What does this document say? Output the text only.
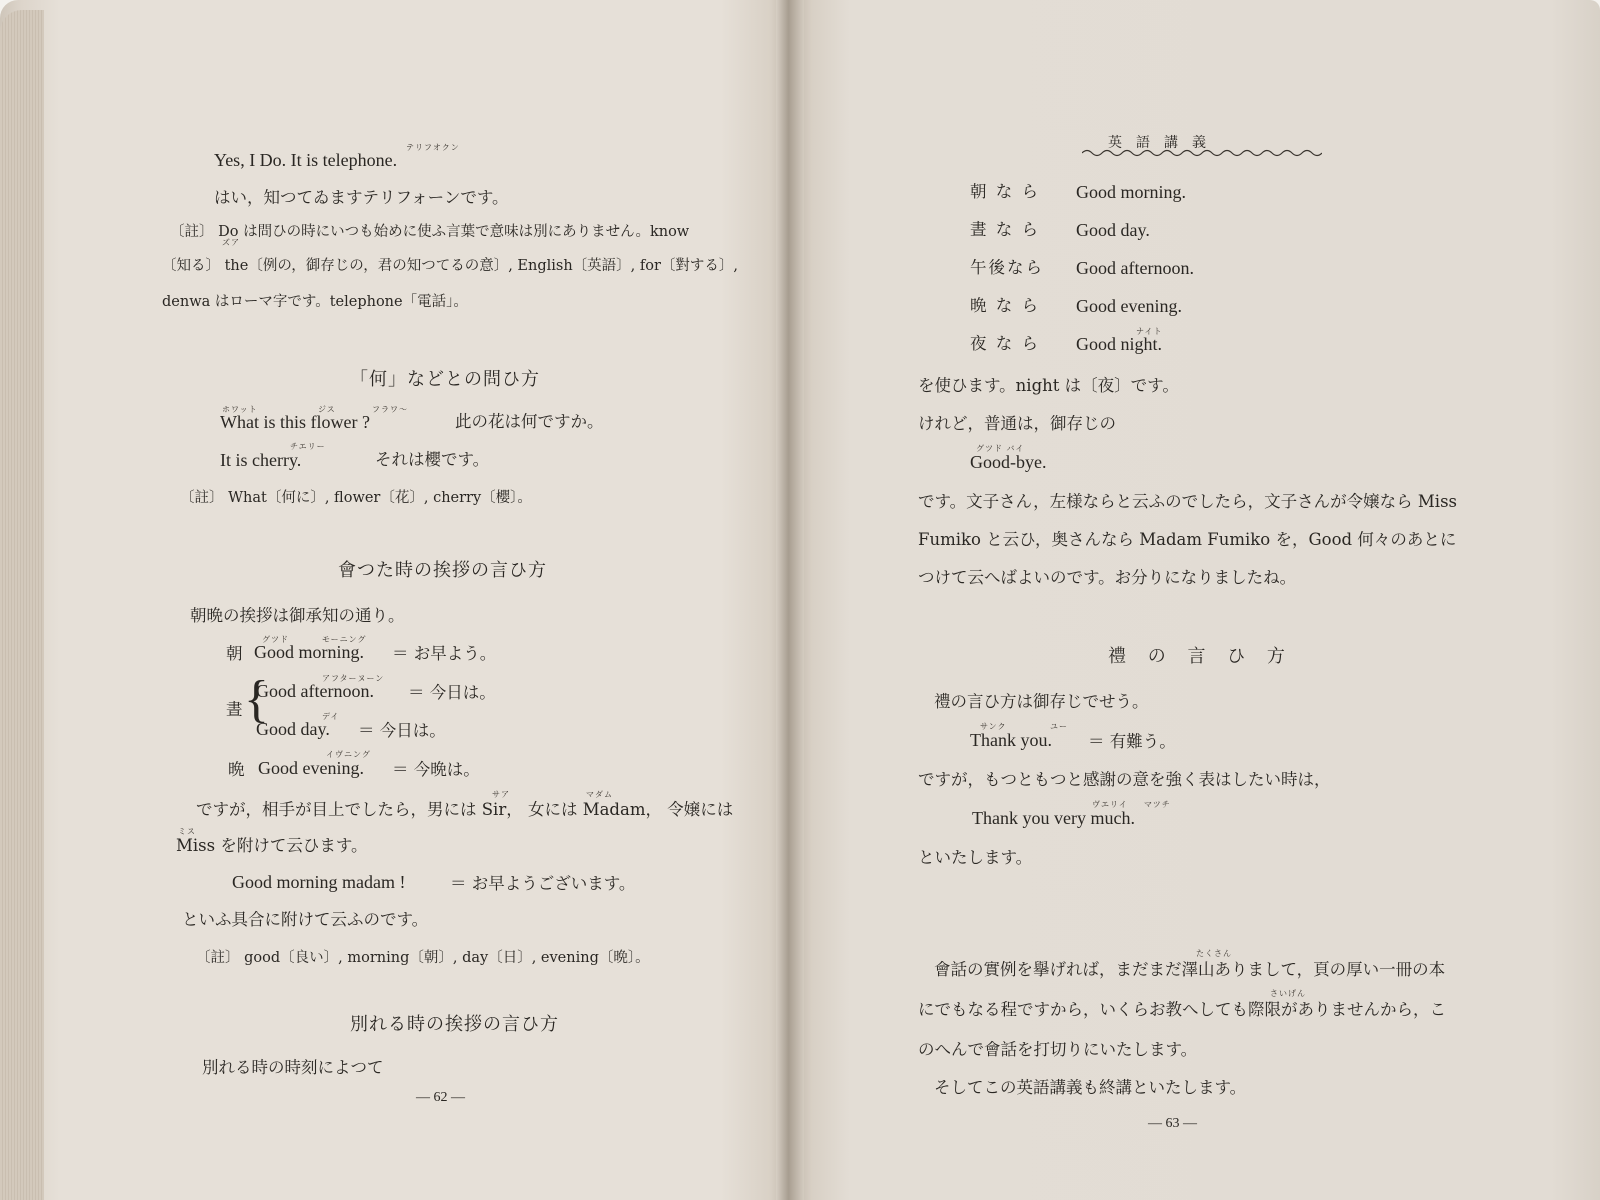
テリフオクン
Yes, I Do. It is telephone.
はい，知つてゐますテリフォーンです。
ズア
〔註〕 Do は問ひの時にいつも始めに使ふ言葉で意味は別にありません。know
〔知る〕 the〔例の，御存じの，君の知つてるの意〕, English〔英語〕, for〔對する〕,
denwa はローマ字です。telephone「電話」。
「何」などとの問ひ方
ホワット	ジス	フラワ～
What is this flower ?	此の花は何ですか。
チエリー
It is cherry.	それは櫻です。
〔註〕 What〔何に〕, flower〔花〕, cherry〔櫻〕。
會つた時の挨拶の言ひ方
朝晩の挨拶は御承知の通り。
グツド	モーニング
朝 Good morning. ＝ お早よう。
アフターヌーン
晝 {
Good afternoon. ＝ 今日は。
デイ
Good day. ＝ 今日は。
イヴニング
晩 Good evening. ＝ 今晩は。
サア	マダム
ですが，相手が目上でしたら，男には Sir， 女には Madam， 令嬢には
ミス
Miss を附けて云ひます。
Good morning madam !	＝ お早ようございます。
といふ具合に附けて云ふのです。
〔註〕 good〔良い〕, morning〔朝〕, day〔日〕, evening〔晩〕。
別れる時の挨拶の言ひ方
別れる時の時刻によつて
— 62 —
英語講義
朝 な ら Good morning.
晝 な ら Good day.
午後なら Good afternoon.
晩 な ら Good evening.
ナイト
夜 な ら Good night.
を使ひます。night は〔夜〕です。
けれど，普通は，御存じの
グツド バイ
Good-bye.
です。文子さん，左様ならと云ふのでしたら，文子さんが令嬢なら Miss
Fumiko と云ひ，奥さんなら Madam Fumiko を，Good 何々のあとに
つけて云へばよいのです。お分りになりましたね。
禮 の 言 ひ 方
禮の言ひ方は御存じでせう。
サンク	ユー
Thank you. ＝ 有難う。
ですが，もつともつと感謝の意を強く表はしたい時は，
ヴエリイ マツチ
Thank you very much.
といたします。
たくさん
會話の實例を擧げれば，まだまだ澤山ありまして，頁の厚い一冊の本
さいげん
にでもなる程ですから，いくらお教へしても際限がありませんから，こ
のへんで會話を打切りにいたします。
そしてこの英語講義も終講といたします。
— 63 —
